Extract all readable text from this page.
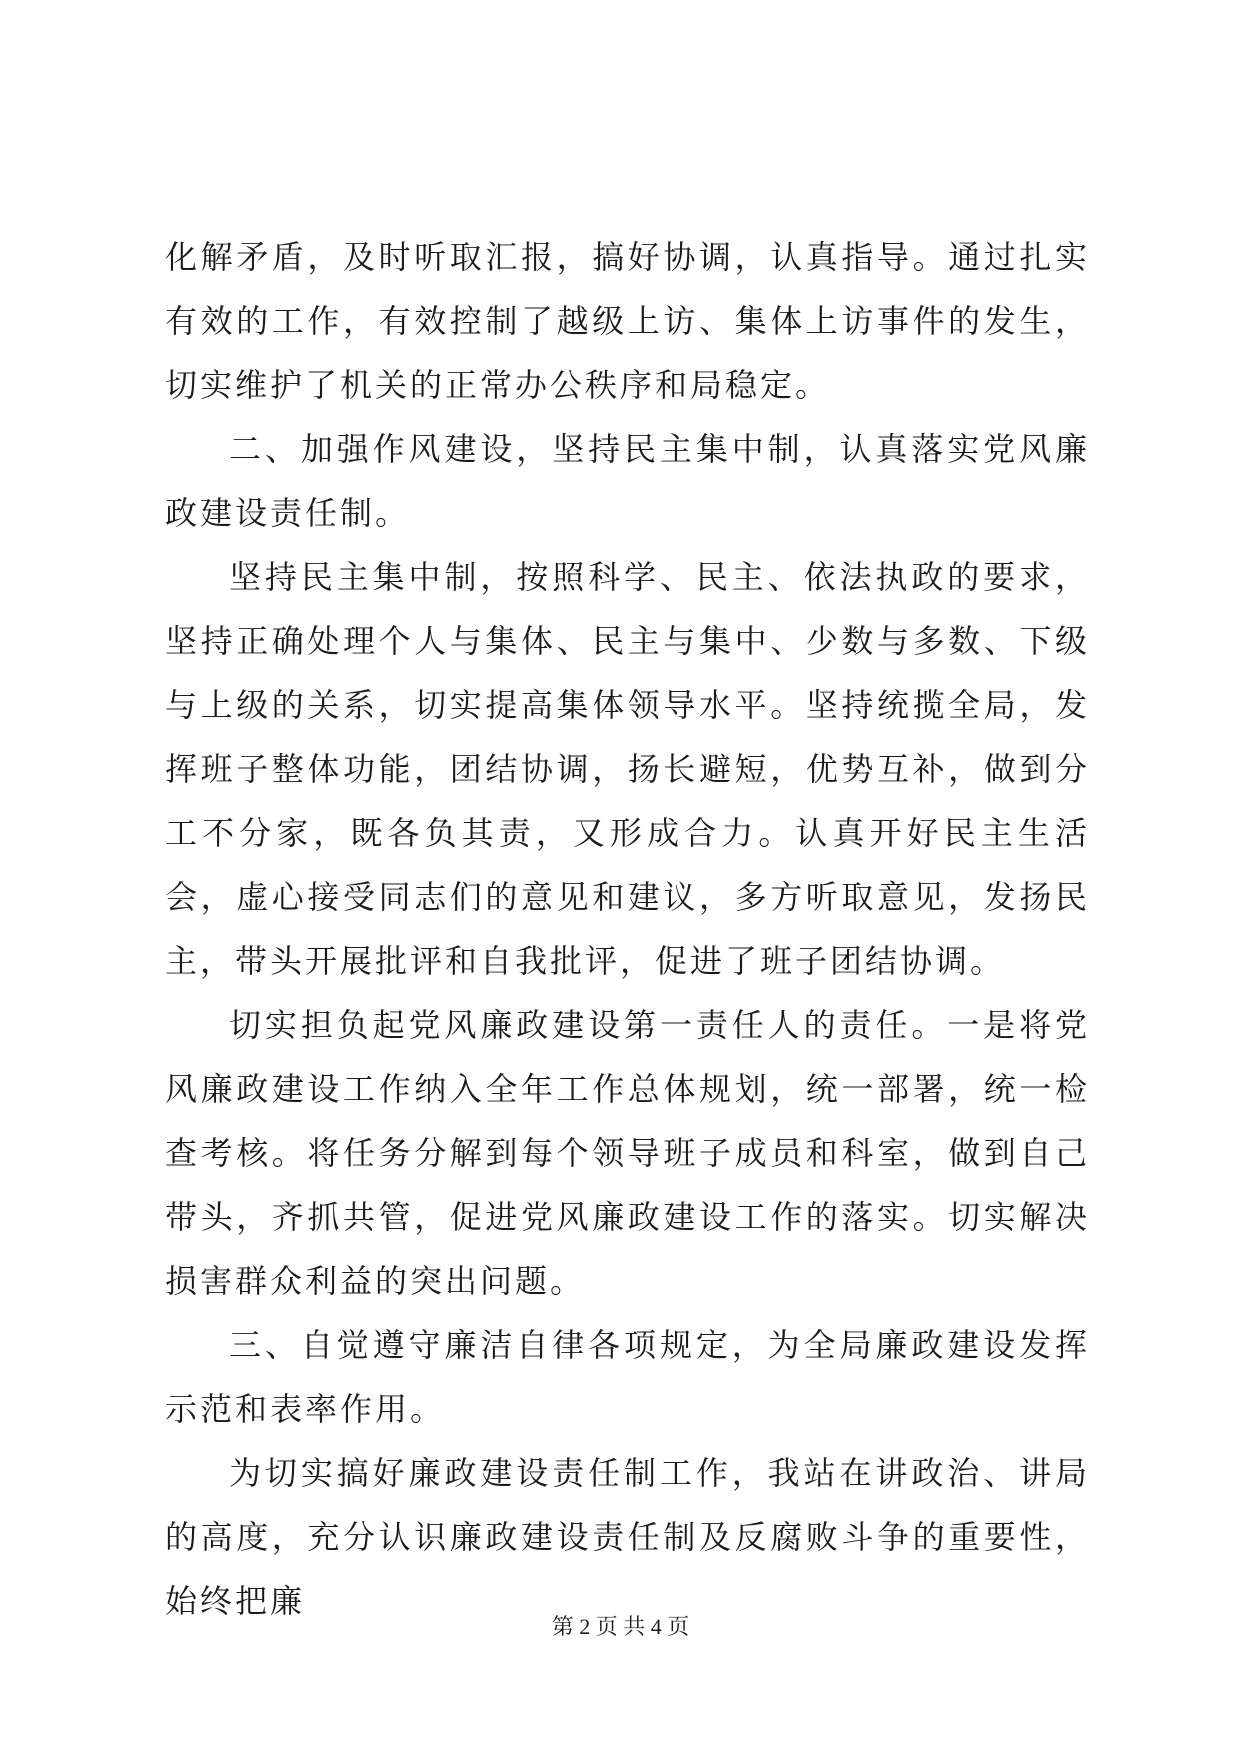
化解矛盾，及时听取汇报，搞好协调，认真指导。通过扎实有效的工作，有效控制了越级上访、集体上访事件的发生，切实维护了机关的正常办公秩序和局稳定。

二、加强作风建设，坚持民主集中制，认真落实党风廉政建设责任制。

坚持民主集中制，按照科学、民主、依法执政的要求，坚持正确处理个人与集体、民主与集中、少数与多数、下级与上级的关系，切实提高集体领导水平。坚持统揽全局，发挥班子整体功能，团结协调，扬长避短，优势互补，做到分工不分家，既各负其责，又形成合力。认真开好民主生活会，虚心接受同志们的意见和建议，多方听取意见，发扬民主，带头开展批评和自我批评，促进了班子团结协调。

切实担负起党风廉政建设第一责任人的责任。一是将党风廉政建设工作纳入全年工作总体规划，统一部署，统一检查考核。将任务分解到每个领导班子成员和科室，做到自己带头，齐抓共管，促进党风廉政建设工作的落实。切实解决损害群众利益的突出问题。

三、自觉遵守廉洁自律各项规定，为全局廉政建设发挥示范和表率作用。

为切实搞好廉政建设责任制工作，我站在讲政治、讲局的高度，充分认识廉政建设责任制及反腐败斗争的重要性，始终把廉

第 2 页 共 4 页
